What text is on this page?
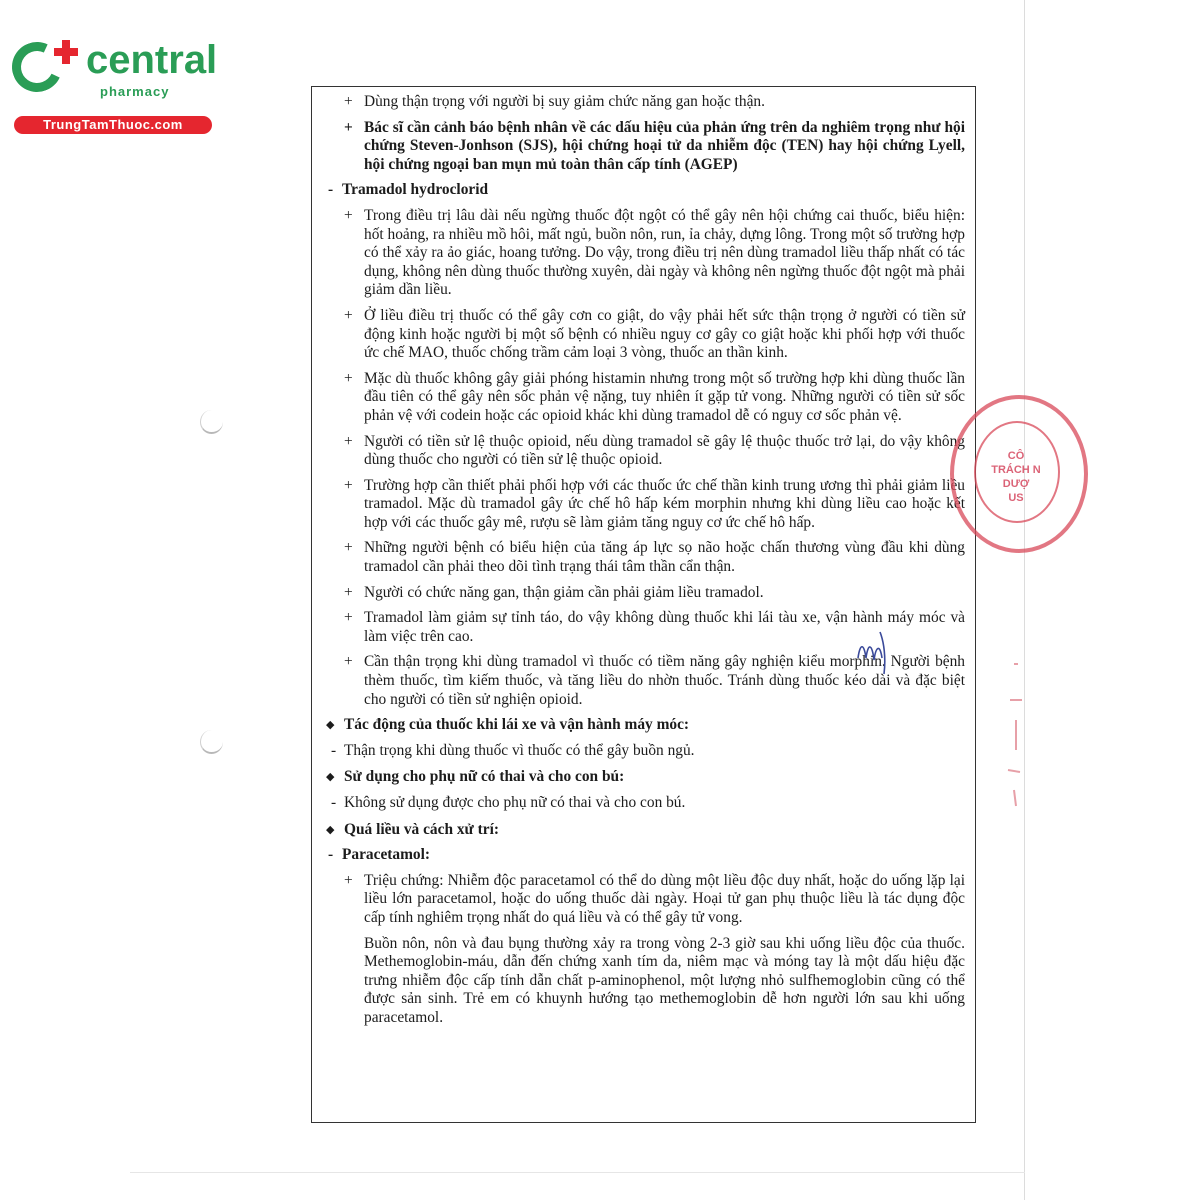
central
pharmacy
TrungTamThuoc.com
+ Dùng thận trọng với người bị suy giảm chức năng gan hoặc thận.
+ Bác sĩ cần cảnh báo bệnh nhân về các dấu hiệu của phản ứng trên da nghiêm trọng như hội chứng Steven-Jonhson (SJS), hội chứng hoại tử da nhiễm độc (TEN) hay hội chứng Lyell, hội chứng ngoại ban mụn mủ toàn thân cấp tính (AGEP)
- Tramadol hydroclorid
+ Trong điều trị lâu dài nếu ngừng thuốc đột ngột có thể gây nên hội chứng cai thuốc, biểu hiện: hốt hoảng, ra nhiều mồ hôi, mất ngủ, buồn nôn, run, ỉa chảy, dựng lông. Trong một số trường hợp có thể xảy ra ảo giác, hoang tưởng. Do vậy, trong điều trị nên dùng tramadol liều thấp nhất có tác dụng, không nên dùng thuốc thường xuyên, dài ngày và không nên ngừng thuốc đột ngột mà phải giảm dần liều.
+ Ở liều điều trị thuốc có thể gây cơn co giật, do vậy phải hết sức thận trọng ở người có tiền sử động kinh hoặc người bị một số bệnh có nhiều nguy cơ gây co giật hoặc khi phối hợp với thuốc ức chế MAO, thuốc chống trầm cảm loại 3 vòng, thuốc an thần kinh.
+ Mặc dù thuốc không gây giải phóng histamin nhưng trong một số trường hợp khi dùng thuốc lần đầu tiên có thể gây nên sốc phản vệ nặng, tuy nhiên ít gặp tử vong. Những người có tiền sử sốc phản vệ với codein hoặc các opioid khác khi dùng tramadol dễ có nguy cơ sốc phản vệ.
+ Người có tiền sử lệ thuộc opioid, nếu dùng tramadol sẽ gây lệ thuộc thuốc trở lại, do vậy không dùng thuốc cho người có tiền sử lệ thuộc opioid.
+ Trường hợp cần thiết phải phối hợp với các thuốc ức chế thần kinh trung ương thì phải giảm liều tramadol. Mặc dù tramadol gây ức chế hô hấp kém morphin nhưng khi dùng liều cao hoặc kết hợp với các thuốc gây mê, rượu sẽ làm giảm tăng nguy cơ ức chế hô hấp.
+ Những người bệnh có biểu hiện của tăng áp lực sọ não hoặc chấn thương vùng đầu khi dùng tramadol cần phải theo dõi tình trạng thái tâm thần cẩn thận.
+ Người có chức năng gan, thận giảm cần phải giảm liều tramadol.
+ Tramadol làm giảm sự tỉnh táo, do vậy không dùng thuốc khi lái tàu xe, vận hành máy móc và làm việc trên cao.
+ Cần thận trọng khi dùng tramadol vì thuốc có tiềm năng gây nghiện kiểu morphin. Người bệnh thèm thuốc, tìm kiếm thuốc, và tăng liều do nhờn thuốc. Tránh dùng thuốc kéo dài và đặc biệt cho người có tiền sử nghiện opioid.
◆ Tác động của thuốc khi lái xe và vận hành máy móc:
- Thận trọng khi dùng thuốc vì thuốc có thể gây buồn ngủ.
◆ Sử dụng cho phụ nữ có thai và cho con bú:
- Không sử dụng được cho phụ nữ có thai và cho con bú.
◆ Quá liều và cách xử trí:
- Paracetamol:
+ Triệu chứng: Nhiễm độc paracetamol có thể do dùng một liều độc duy nhất, hoặc do uống lặp lại liều lớn paracetamol, hoặc do uống thuốc dài ngày. Hoại tử gan phụ thuộc liều là tác dụng độc cấp tính nghiêm trọng nhất do quá liều và có thể gây tử vong.
Buồn nôn, nôn và đau bụng thường xảy ra trong vòng 2-3 giờ sau khi uống liều độc của thuốc. Methemoglobin-máu, dẫn đến chứng xanh tím da, niêm mạc và móng tay là một dấu hiệu đặc trưng nhiễm độc cấp tính dẫn chất p-aminophenol, một lượng nhỏ sulfhemoglobin cũng có thể được sản sinh. Trẻ em có khuynh hướng tạo methemoglobin dễ hơn người lớn sau khi uống paracetamol.
CÔ
TRÁCH N
DƯỢ
US
